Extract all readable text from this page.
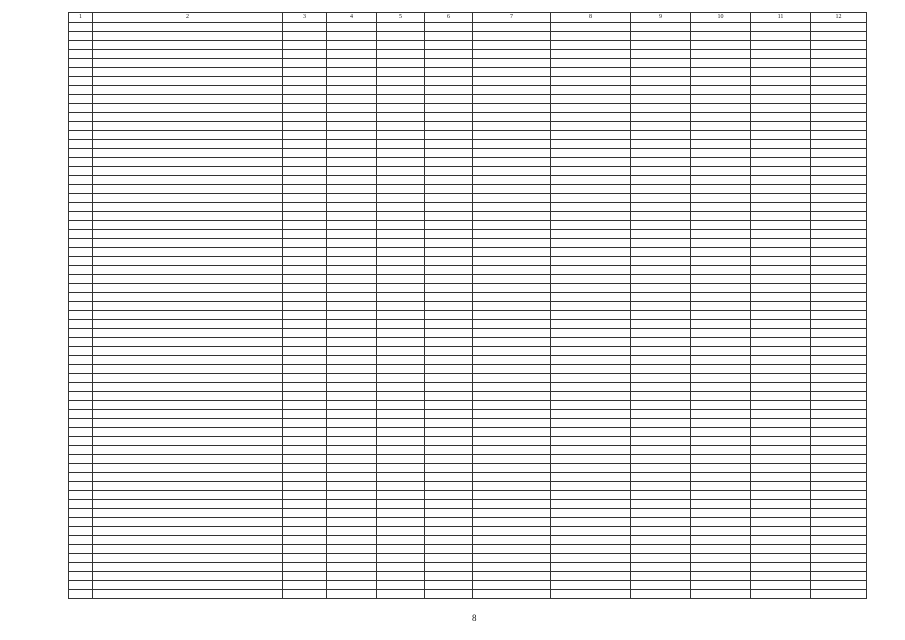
1	2	3	4	5	6	7	8	9	10	11	12

8
